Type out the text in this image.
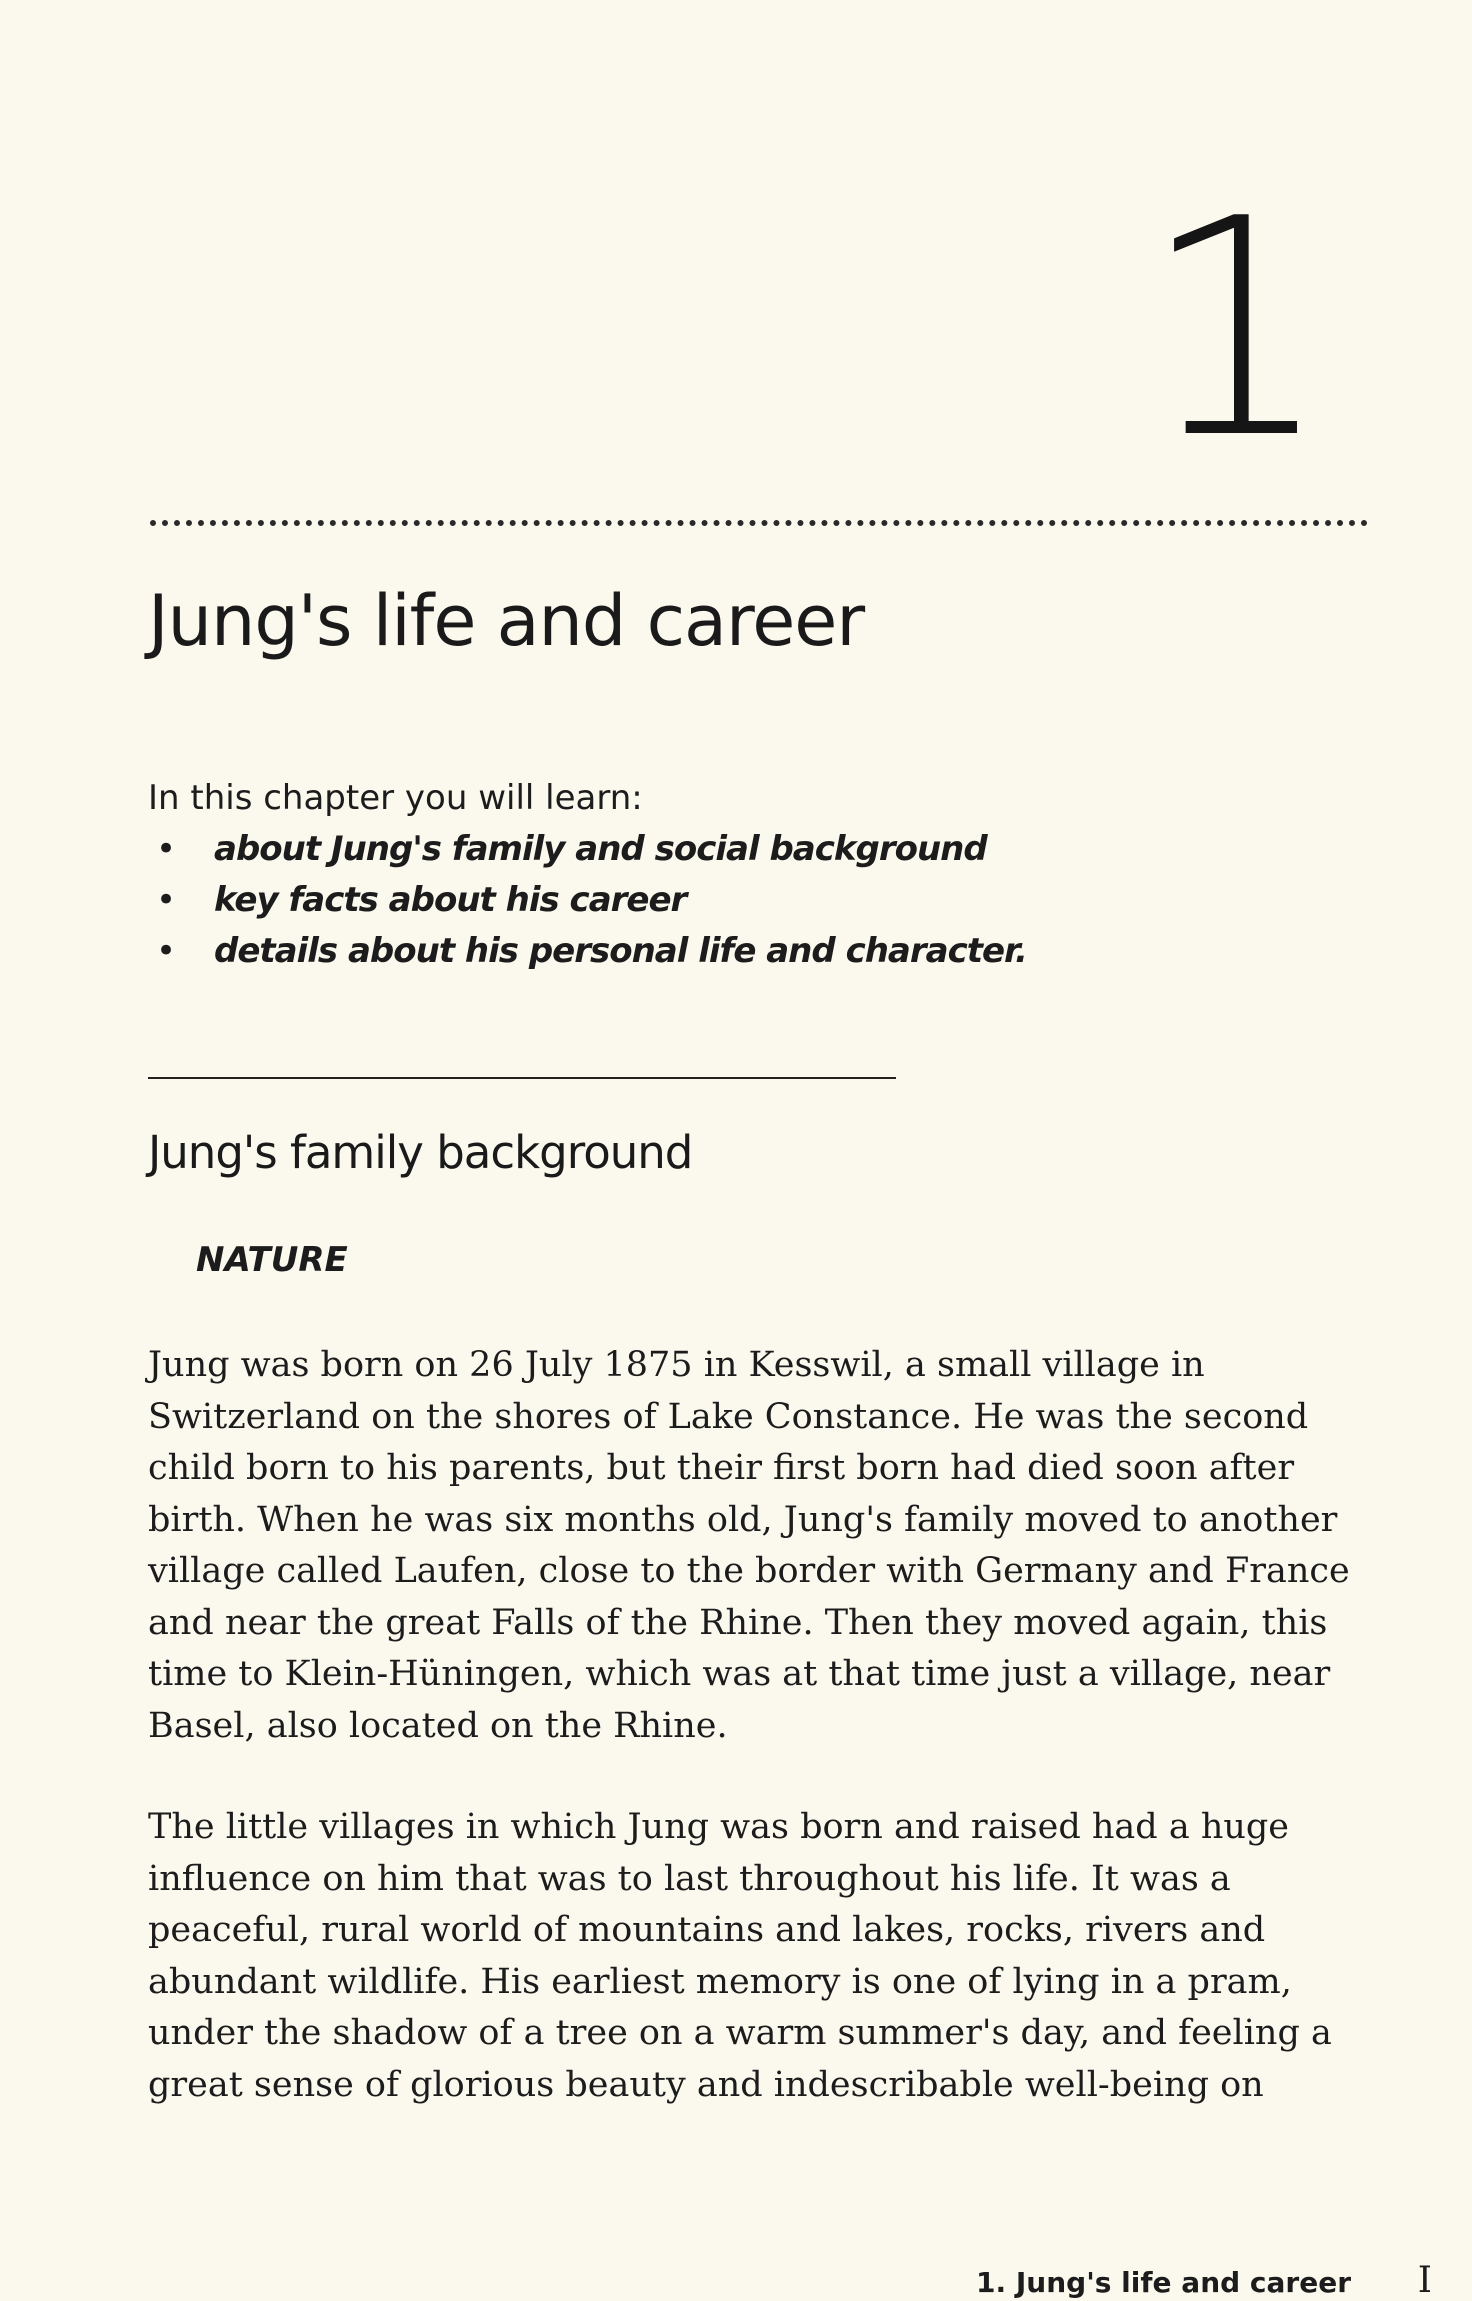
1
Jung's life and career
In this chapter you will learn:
•	about Jung's family and social background
•	key facts about his career
•	details about his personal life and character.
Jung's family background
NATURE

Jung was born on 26 July 1875 in Kesswil, a small village in Switzerland on the shores of Lake Constance. He was the second child born to his parents, but their first born had died soon after birth. When he was six months old, Jung's family moved to another village called Laufen, close to the border with Germany and France and near the great Falls of the Rhine. Then they moved again, this time to Klein-Hüningen, which was at that time just a village, near Basel, also located on the Rhine.

The little villages in which Jung was born and raised had a huge influence on him that was to last throughout his life. It was a peaceful, rural world of mountains and lakes, rocks, rivers and abundant wildlife. His earliest memory is one of lying in a pram, under the shadow of a tree on a warm summer's day, and feeling a great sense of glorious beauty and indescribable well-being on

1. Jung's life and career I
